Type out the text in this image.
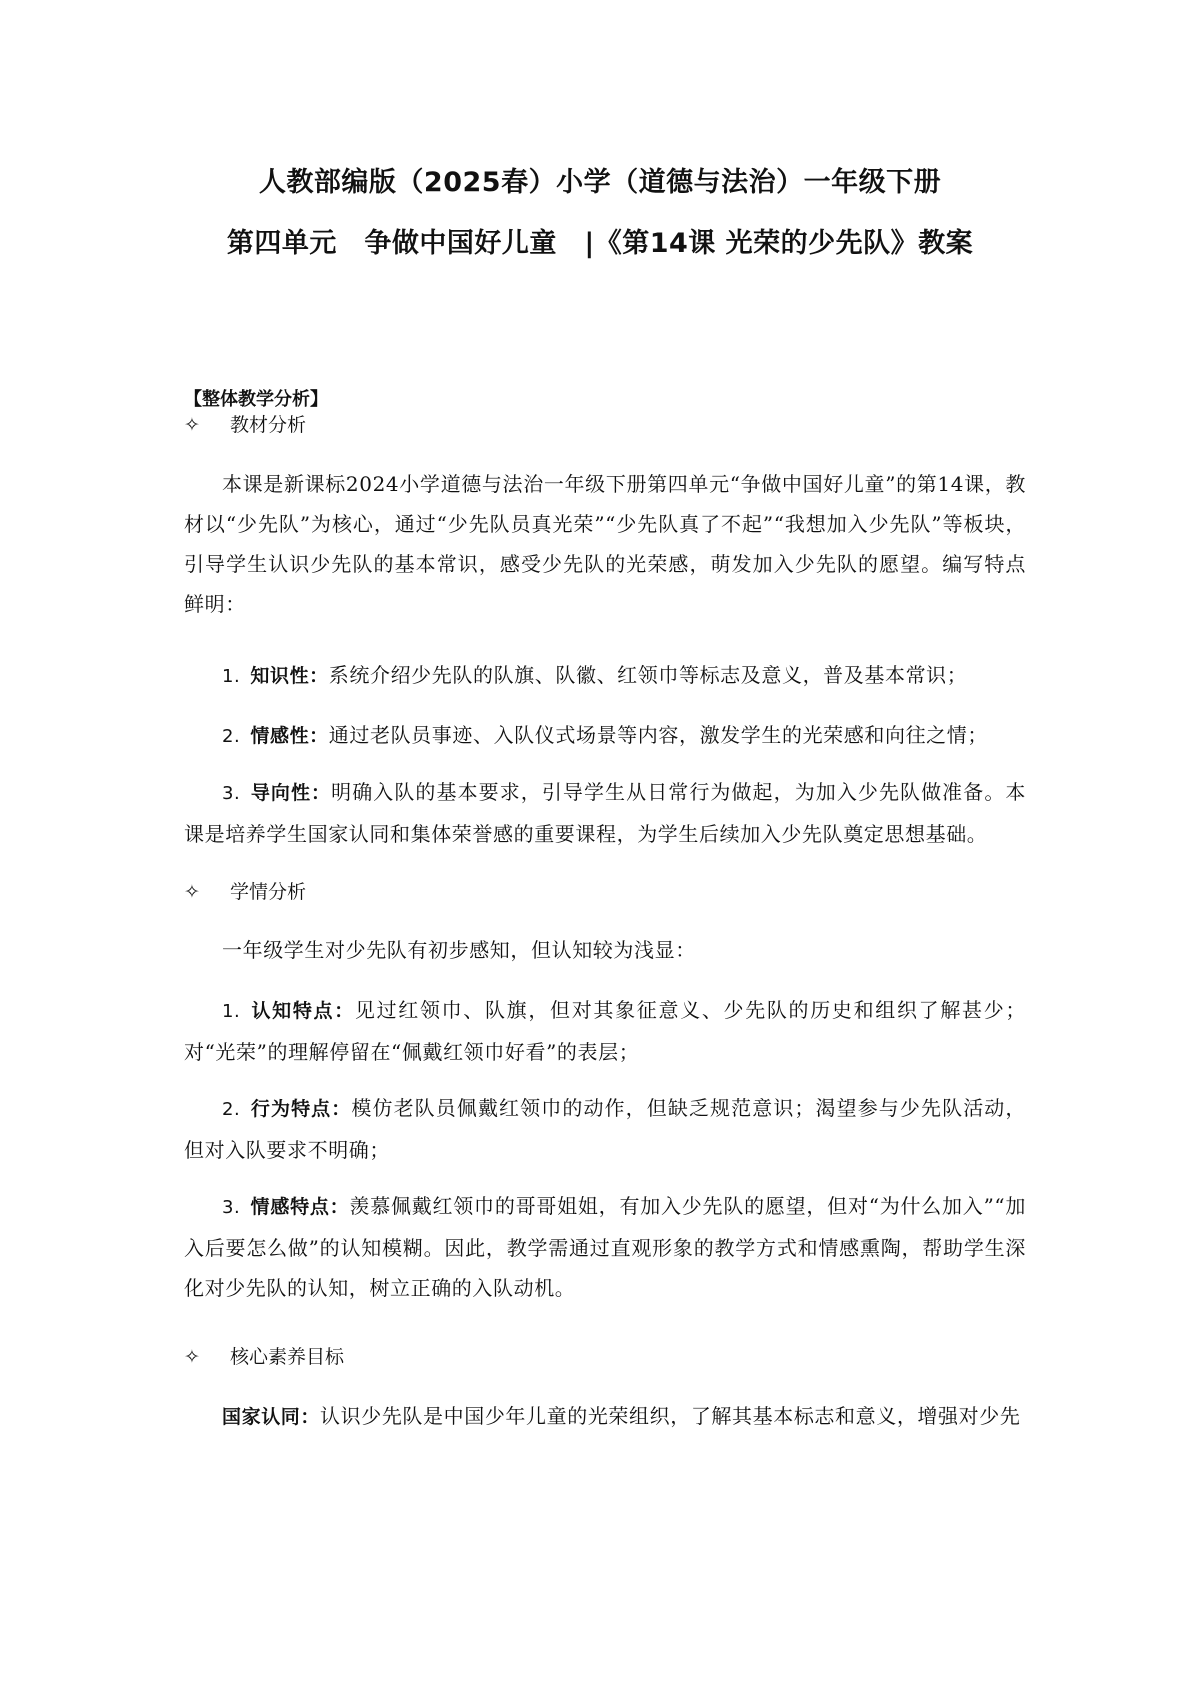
人教部编版（2025春）小学（道德与法治）一年级下册
第四单元　争做中国好儿童　|《第14课 光荣的少先队》教案
【整体教学分析】
✧	教材分析

本课是新课标2024小学道德与法治一年级下册第四单元“争做中国好儿童”的第14课，教材以“少先队”为核心，通过“少先队员真光荣”“少先队真了不起”“我想加入少先队”等板块，引导学生认识少先队的基本常识，感受少先队的光荣感，萌发加入少先队的愿望。编写特点鲜明：

1. 知识性：系统介绍少先队的队旗、队徽、红领巾等标志及意义，普及基本常识；

2. 情感性：通过老队员事迹、入队仪式场景等内容，激发学生的光荣感和向往之情；

3. 导向性：明确入队的基本要求，引导学生从日常行为做起，为加入少先队做准备。本课是培养学生国家认同和集体荣誉感的重要课程，为学生后续加入少先队奠定思想基础。

✧	学情分析

一年级学生对少先队有初步感知，但认知较为浅显：

1. 认知特点：见过红领巾、队旗，但对其象征意义、少先队的历史和组织了解甚少；对“光荣”的理解停留在“佩戴红领巾好看”的表层；

2. 行为特点：模仿老队员佩戴红领巾的动作，但缺乏规范意识；渴望参与少先队活动，但对入队要求不明确；

3. 情感特点：羡慕佩戴红领巾的哥哥姐姐，有加入少先队的愿望，但对“为什么加入”“加入后要怎么做”的认知模糊。因此，教学需通过直观形象的教学方式和情感熏陶，帮助学生深化对少先队的认知，树立正确的入队动机。

✧	核心素养目标

国家认同：认识少先队是中国少年儿童的光荣组织，了解其基本标志和意义，增强对少先
